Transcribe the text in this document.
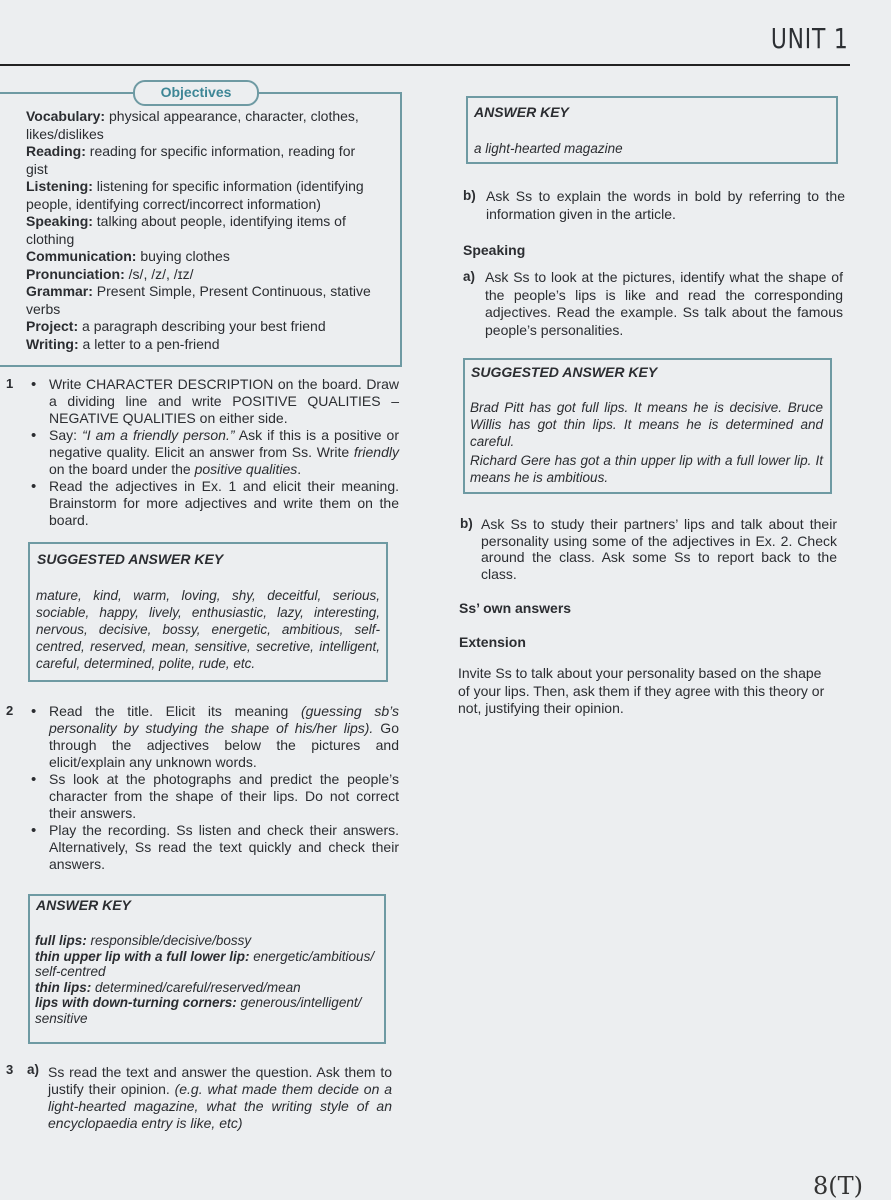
UNIT 1
Objectives
Vocabulary: physical appearance, character, clothes, likes/dislikes
Reading: reading for specific information, reading for gist
Listening: listening for specific information (identifying people, identifying correct/incorrect information)
Speaking: talking about people, identifying items of clothing
Communication: buying clothes
Pronunciation: /s/, /z/, /ɪz/
Grammar: Present Simple, Present Continuous, stative verbs
Project: a paragraph describing your best friend
Writing: a letter to a pen-friend
1	• Write CHARACTER DESCRIPTION on the board. Draw a dividing line and write POSITIVE QUALITIES – NEGATIVE QUALITIES on either side.
• Say: “I am a friendly person.” Ask if this is a positive or negative quality. Elicit an answer from Ss. Write friendly on the board under the positive qualities.
• Read the adjectives in Ex. 1 and elicit their meaning. Brainstorm for more adjectives and write them on the board.
SUGGESTED ANSWER KEY
mature, kind, warm, loving, shy, deceitful, serious, sociable, happy, lively, enthusiastic, lazy, interesting, nervous, decisive, bossy, energetic, ambitious, self-centred, reserved, mean, sensitive, secretive, intelligent, careful, determined, polite, rude, etc.
2	• Read the title. Elicit its meaning (guessing sb’s personality by studying the shape of his/her lips). Go through the adjectives below the pictures and elicit/explain any unknown words.
• Ss look at the photographs and predict the people’s character from the shape of their lips. Do not correct their answers.
• Play the recording. Ss listen and check their answers. Alternatively, Ss read the text quickly and check their answers.
ANSWER KEY
full lips: responsible/decisive/bossy
thin upper lip with a full lower lip: energetic/ambitious/ self-centred
thin lips: determined/careful/reserved/mean
lips with down-turning corners: generous/intelligent/ sensitive
3 a) Ss read the text and answer the question. Ask them to justify their opinion. (e.g. what made them decide on a light-hearted magazine, what the writing style of an encyclopaedia entry is like, etc)
ANSWER KEY
a light-hearted magazine
b) Ask Ss to explain the words in bold by referring to the information given in the article.
Speaking
a) Ask Ss to look at the pictures, identify what the shape of the people’s lips is like and read the corresponding adjectives. Read the example. Ss talk about the famous people’s personalities.
SUGGESTED ANSWER KEY
Brad Pitt has got full lips. It means he is decisive. Bruce Willis has got thin lips. It means he is determined and careful.
Richard Gere has got a thin upper lip with a full lower lip. It means he is ambitious.
b) Ask Ss to study their partners’ lips and talk about their personality using some of the adjectives in Ex. 2. Check around the class. Ask some Ss to report back to the class.
Ss’ own answers
Extension
Invite Ss to talk about your personality based on the shape of your lips. Then, ask them if they agree with this theory or not, justifying their opinion.
8(T)
